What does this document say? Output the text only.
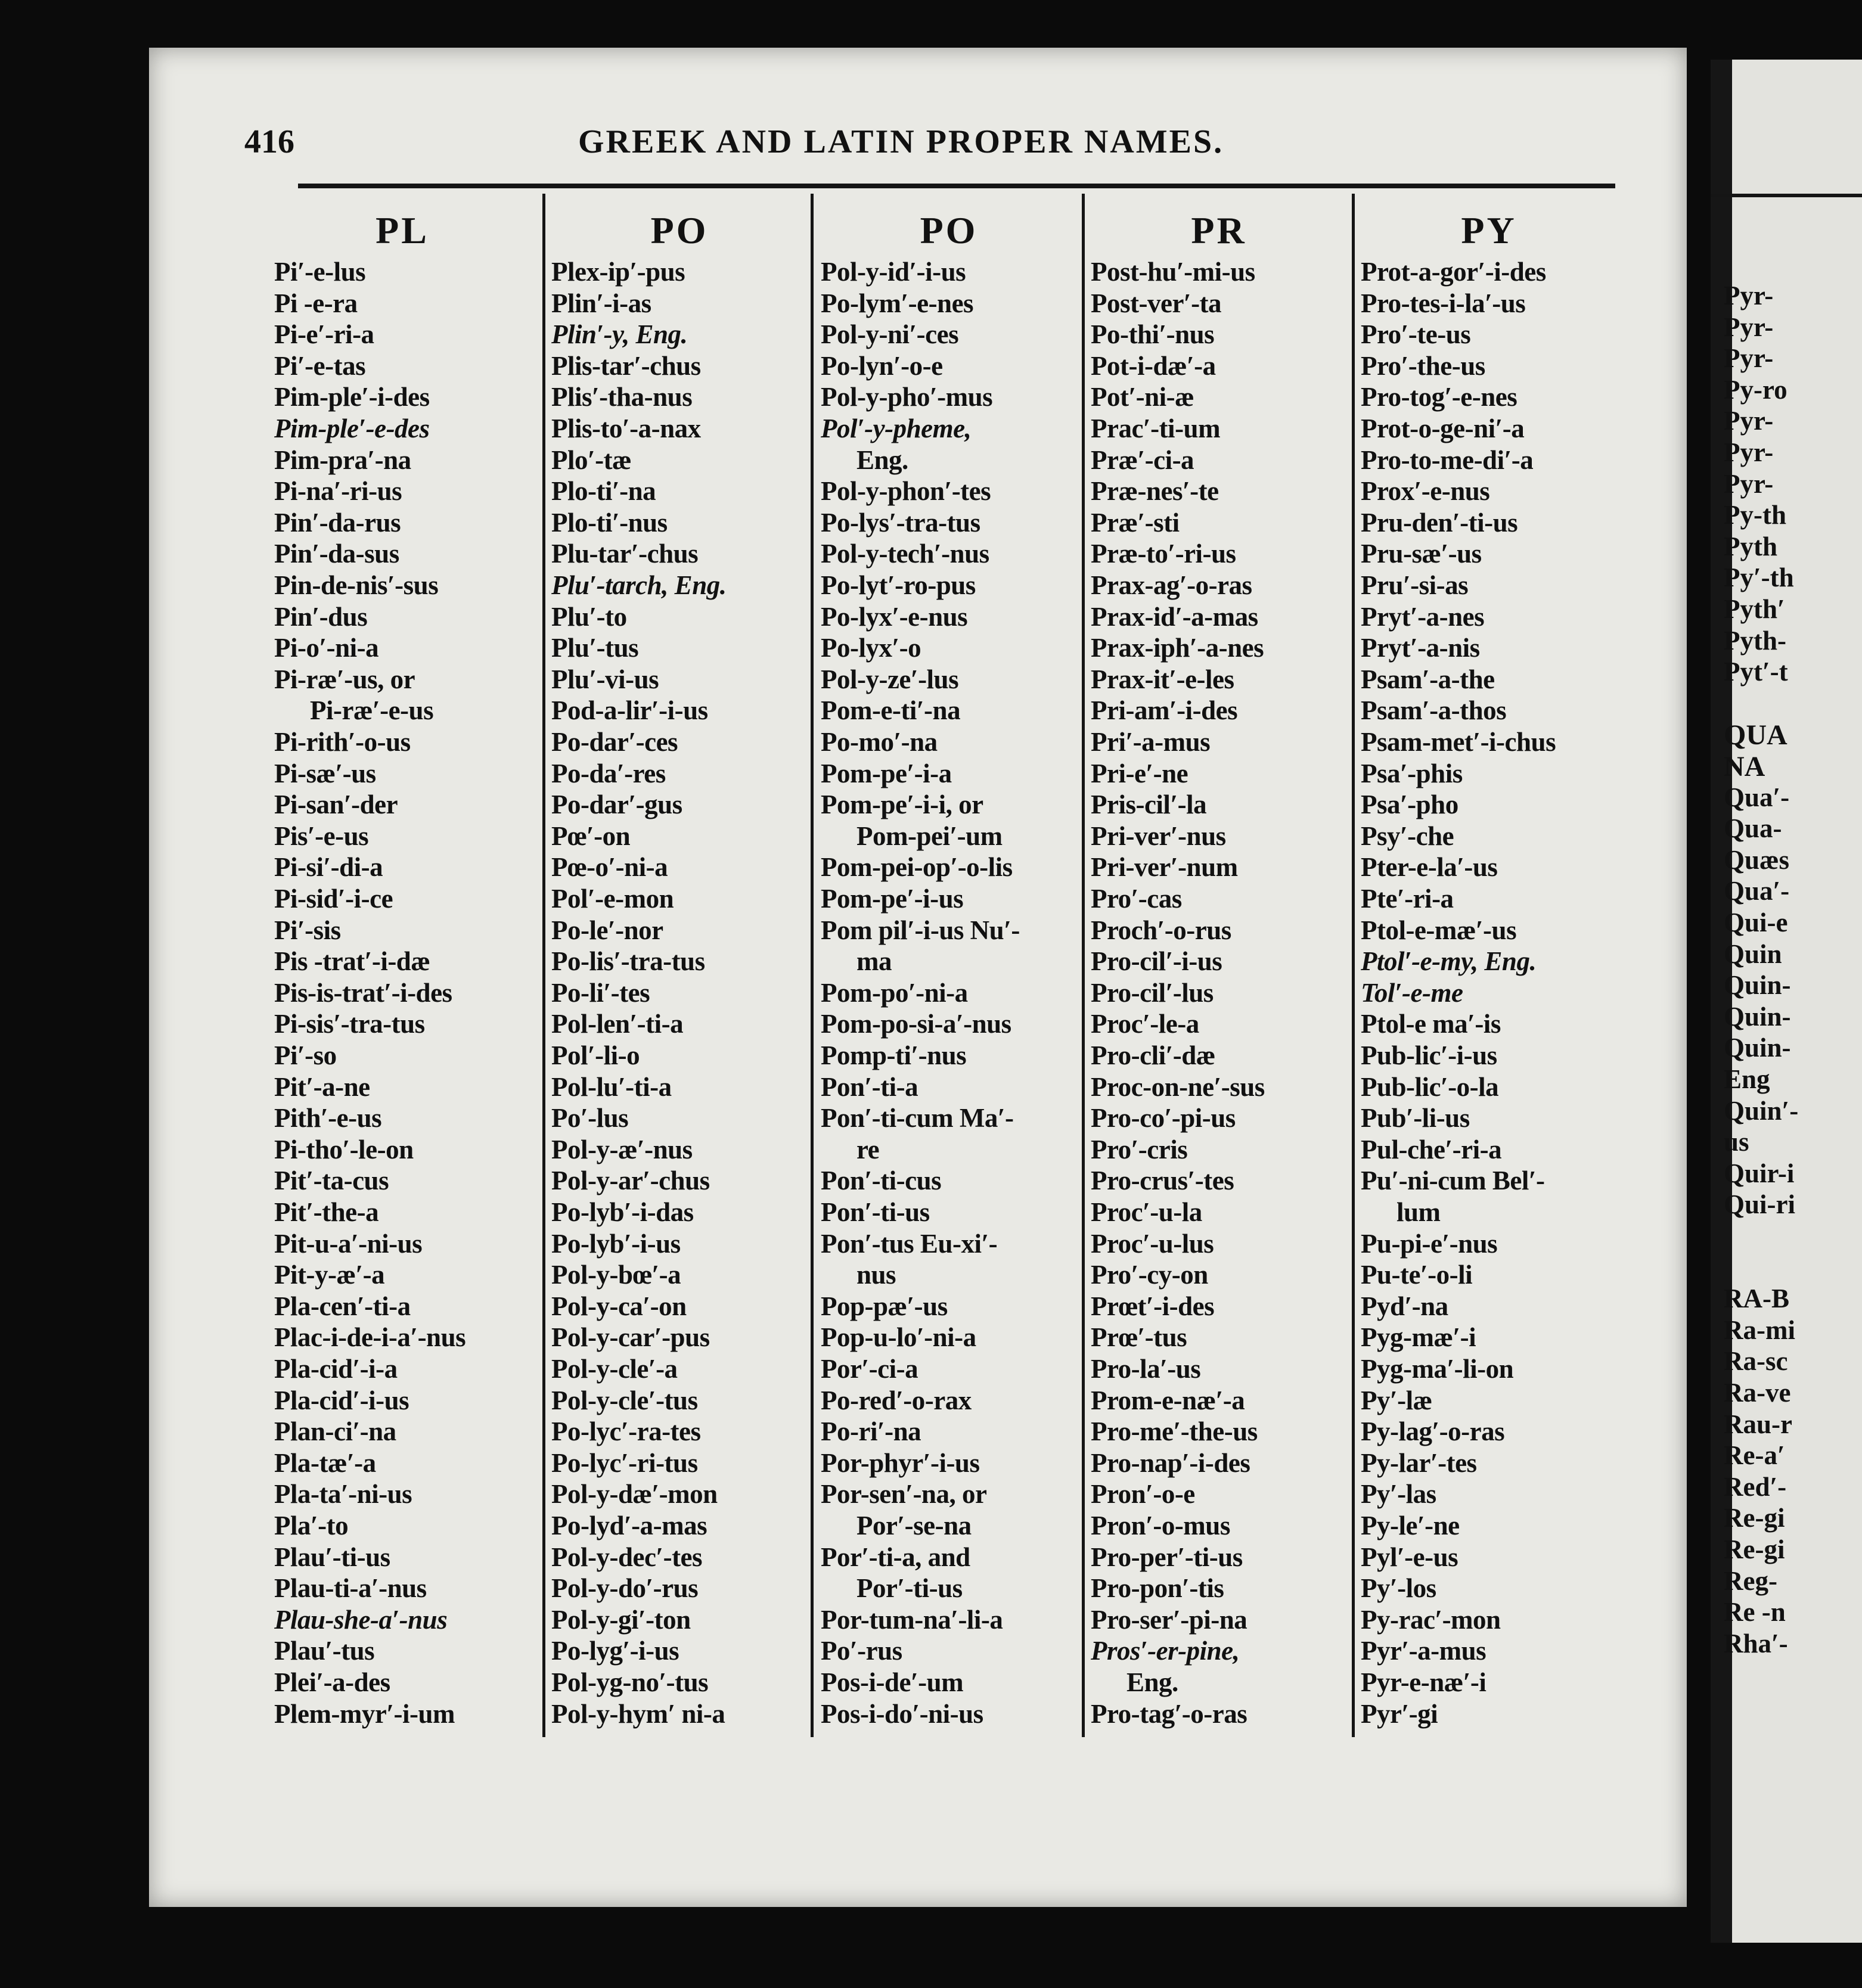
Pyr-
Pyr-
Pyr-
Py-ro
Pyr-
Pyr-
Pyr-
Py-th
Pyth
Py′-th
Pyth′
Pyth-
Pyt′-t
QUA
NA
Qua′-
Qua-
Quæs
Qua′-
Qui-e
Quin
Quin-
Quin-
Quin-
Eng
Quin′-
us
Quir-i
Qui-ri
RA-B
Ra-mi
Ra-sc
Ra-ve
Rau-r
Re-a′
Red′-
Re-gi
Re-gi
Reg-
Re -n
Rha′-
416	GREEK AND LATIN PROPER NAMES.
PL
Pi′-e-lus
Pi -e-ra
Pi-e′-ri-a
Pi′-e-tas
Pim-ple′-i-des
Pim-ple′-e-des
Pim-pra′-na
Pi-na′-ri-us
Pin′-da-rus
Pin′-da-sus
Pin-de-nis′-sus
Pin′-dus
Pi-o′-ni-a
Pi-ræ′-us, or
Pi-ræ′-e-us
Pi-rith′-o-us
Pi-sæ′-us
Pi-san′-der
Pis′-e-us
Pi-si′-di-a
Pi-sid′-i-ce
Pi′-sis
Pis -trat′-i-dæ
Pis-is-trat′-i-des
Pi-sis′-tra-tus
Pi′-so
Pit′-a-ne
Pith′-e-us
Pi-tho′-le-on
Pit′-ta-cus
Pit′-the-a
Pit-u-a′-ni-us
Pit-y-æ′-a
Pla-cen′-ti-a
Plac-i-de-i-a′-nus
Pla-cid′-i-a
Pla-cid′-i-us
Plan-ci′-na
Pla-tæ′-a
Pla-ta′-ni-us
Pla′-to
Plau′-ti-us
Plau-ti-a′-nus
Plau-she-a′-nus
Plau′-tus
Plei′-a-des
Plem-myr′-i-um
PO
Plex-ip′-pus
Plin′-i-as
Plin′-y, Eng.
Plis-tar′-chus
Plis′-tha-nus
Plis-to′-a-nax
Plo′-tæ
Plo-ti′-na
Plo-ti′-nus
Plu-tar′-chus
Plu′-tarch, Eng.
Plu′-to
Plu′-tus
Plu′-vi-us
Pod-a-lir′-i-us
Po-dar′-ces
Po-da′-res
Po-dar′-gus
Pœ′-on
Pœ-o′-ni-a
Pol′-e-mon
Po-le′-nor
Po-lis′-tra-tus
Po-li′-tes
Pol-len′-ti-a
Pol′-li-o
Pol-lu′-ti-a
Po′-lus
Pol-y-æ′-nus
Pol-y-ar′-chus
Po-lyb′-i-das
Po-lyb′-i-us
Pol-y-bœ′-a
Pol-y-ca′-on
Pol-y-car′-pus
Pol-y-cle′-a
Pol-y-cle′-tus
Po-lyc′-ra-tes
Po-lyc′-ri-tus
Pol-y-dæ′-mon
Po-lyd′-a-mas
Pol-y-dec′-tes
Pol-y-do′-rus
Pol-y-gi′-ton
Po-lyg′-i-us
Pol-yg-no′-tus
Pol-y-hym′ ni-a
PO
Pol-y-id′-i-us
Po-lym′-e-nes
Pol-y-ni′-ces
Po-lyn′-o-e
Pol-y-pho′-mus
Pol′-y-pheme,
Eng.
Pol-y-phon′-tes
Po-lys′-tra-tus
Pol-y-tech′-nus
Po-lyt′-ro-pus
Po-lyx′-e-nus
Po-lyx′-o
Pol-y-ze′-lus
Pom-e-ti′-na
Po-mo′-na
Pom-pe′-i-a
Pom-pe′-i-i, or
Pom-pei′-um
Pom-pei-op′-o-lis
Pom-pe′-i-us
Pom pil′-i-us Nu′-
ma
Pom-po′-ni-a
Pom-po-si-a′-nus
Pomp-ti′-nus
Pon′-ti-a
Pon′-ti-cum Ma′-
re
Pon′-ti-cus
Pon′-ti-us
Pon′-tus Eu-xi′-
nus
Pop-pæ′-us
Pop-u-lo′-ni-a
Por′-ci-a
Po-red′-o-rax
Po-ri′-na
Por-phyr′-i-us
Por-sen′-na, or
Por′-se-na
Por′-ti-a, and
Por′-ti-us
Por-tum-na′-li-a
Po′-rus
Pos-i-de′-um
Pos-i-do′-ni-us
PR
Post-hu′-mi-us
Post-ver′-ta
Po-thi′-nus
Pot-i-dæ′-a
Pot′-ni-æ
Prac′-ti-um
Præ′-ci-a
Præ-nes′-te
Præ′-sti
Præ-to′-ri-us
Prax-ag′-o-ras
Prax-id′-a-mas
Prax-iph′-a-nes
Prax-it′-e-les
Pri-am′-i-des
Pri′-a-mus
Pri-e′-ne
Pris-cil′-la
Pri-ver′-nus
Pri-ver′-num
Pro′-cas
Proch′-o-rus
Pro-cil′-i-us
Pro-cil′-lus
Proc′-le-a
Pro-cli′-dæ
Proc-on-ne′-sus
Pro-co′-pi-us
Pro′-cris
Pro-crus′-tes
Proc′-u-la
Proc′-u-lus
Pro′-cy-on
Prœt′-i-des
Prœ′-tus
Pro-la′-us
Prom-e-næ′-a
Pro-me′-the-us
Pro-nap′-i-des
Pron′-o-e
Pron′-o-mus
Pro-per′-ti-us
Pro-pon′-tis
Pro-ser′-pi-na
Pros′-er-pine,
Eng.
Pro-tag′-o-ras
PY
Prot-a-gor′-i-des
Pro-tes-i-la′-us
Pro′-te-us
Pro′-the-us
Pro-tog′-e-nes
Prot-o-ge-ni′-a
Pro-to-me-di′-a
Prox′-e-nus
Pru-den′-ti-us
Pru-sæ′-us
Pru′-si-as
Pryt′-a-nes
Pryt′-a-nis
Psam′-a-the
Psam′-a-thos
Psam-met′-i-chus
Psa′-phis
Psa′-pho
Psy′-che
Pter-e-la′-us
Pte′-ri-a
Ptol-e-mæ′-us
Ptol′-e-my, Eng.
Tol′-e-me
Ptol-e ma′-is
Pub-lic′-i-us
Pub-lic′-o-la
Pub′-li-us
Pul-che′-ri-a
Pu′-ni-cum Bel′-
lum
Pu-pi-e′-nus
Pu-te′-o-li
Pyd′-na
Pyg-mæ′-i
Pyg-ma′-li-on
Py′-læ
Py-lag′-o-ras
Py-lar′-tes
Py′-las
Py-le′-ne
Pyl′-e-us
Py′-los
Py-rac′-mon
Pyr′-a-mus
Pyr-e-næ′-i
Pyr′-gi
